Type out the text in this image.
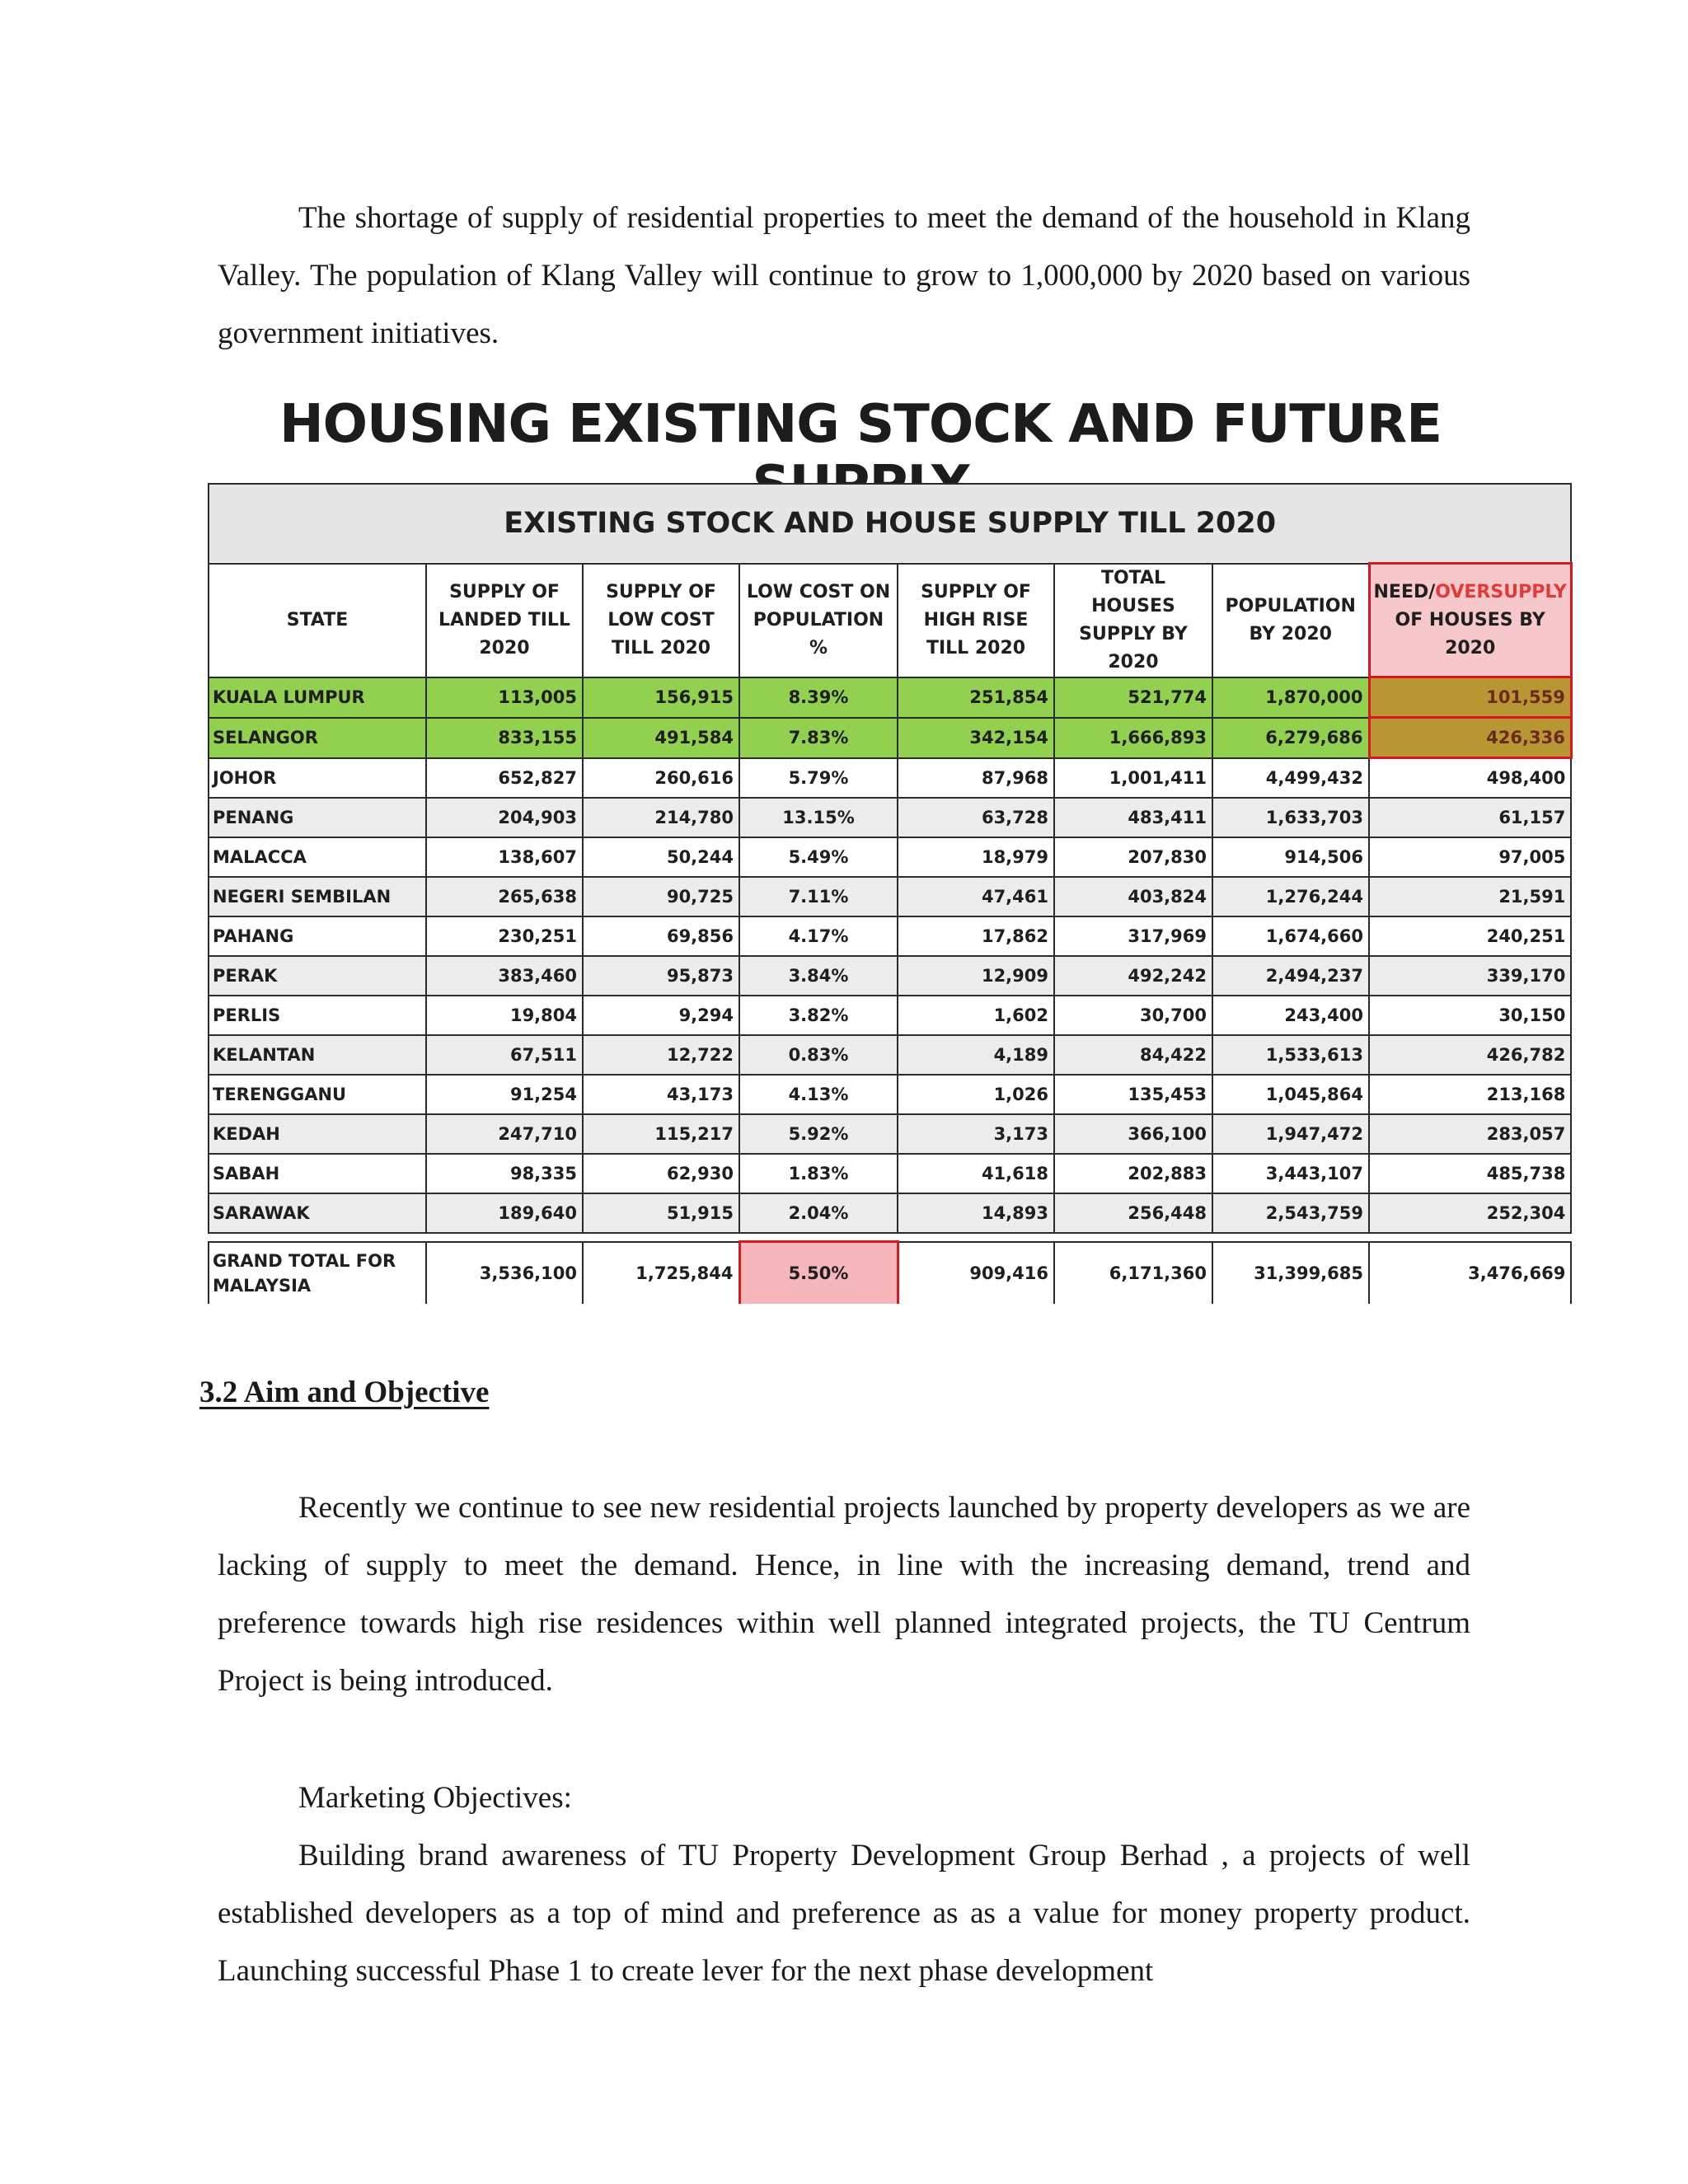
The shortage of supply of residential properties to meet the demand of the household in Klang Valley. The population of Klang Valley will continue to grow to 1,000,000 by 2020 based on various government initiatives.

HOUSING EXISTING STOCK AND FUTURE
EXISTING STOCK AND HOUSE SUPPLY TILL 2020							
STATE	SUPPLY OF LANDED TILL 2020	SUPPLY OF LOW COST TILL 2020	LOW COST ON POPULATION %	SUPPLY OF HIGH RISE TILL 2020	TOTAL HOUSES SUPPLY BY 2020	POPULATION BY 2020	NEED/OVERSUPPLY OF HOUSES BY 2020
KUALA LUMPUR	113,005	156,915	8.39%	251,854	521,774	1,870,000	101,559
SELANGOR	833,155	491,584	7.83%	342,154	1,666,893	6,279,686	426,336
JOHOR	652,827	260,616	5.79%	87,968	1,001,411	4,499,432	498,400
PENANG	204,903	214,780	13.15%	63,728	483,411	1,633,703	61,157
MALACCA	138,607	50,244	5.49%	18,979	207,830	914,506	97,005
NEGERI SEMBILAN	265,638	90,725	7.11%	47,461	403,824	1,276,244	21,591
PAHANG	230,251	69,856	4.17%	17,862	317,969	1,674,660	240,251
PERAK	383,460	95,873	3.84%	12,909	492,242	2,494,237	339,170
PERLIS	19,804	9,294	3.82%	1,602	30,700	243,400	30,150
KELANTAN	67,511	12,722	0.83%	4,189	84,422	1,533,613	426,782
TERENGGANU	91,254	43,173	4.13%	1,026	135,453	1,045,864	213,168
KEDAH	247,710	115,217	5.92%	3,173	366,100	1,947,472	283,057
SABAH	98,335	62,930	1.83%	41,618	202,883	3,443,107	485,738
SARAWAK	189,640	51,915	2.04%	14,893	256,448	2,543,759	252,304

GRAND TOTAL FOR MALAYSIA	3,536,100	1,725,844	5.50%	909,416	6,171,360	31,399,685	3,476,669
3.2 Aim and Objective

Recently we continue to see new residential projects launched by property developers as we are lacking of supply to meet the demand. Hence, in line with the increasing demand, trend and preference towards high rise residences within well planned integrated projects, the TU Centrum Project is being introduced.

Marketing Objectives:

Building brand awareness of TU Property Development Group Berhad , a projects of well established developers as a top of mind and preference as as a value for money property product. Launching successful Phase 1 to create lever for the next phase development
